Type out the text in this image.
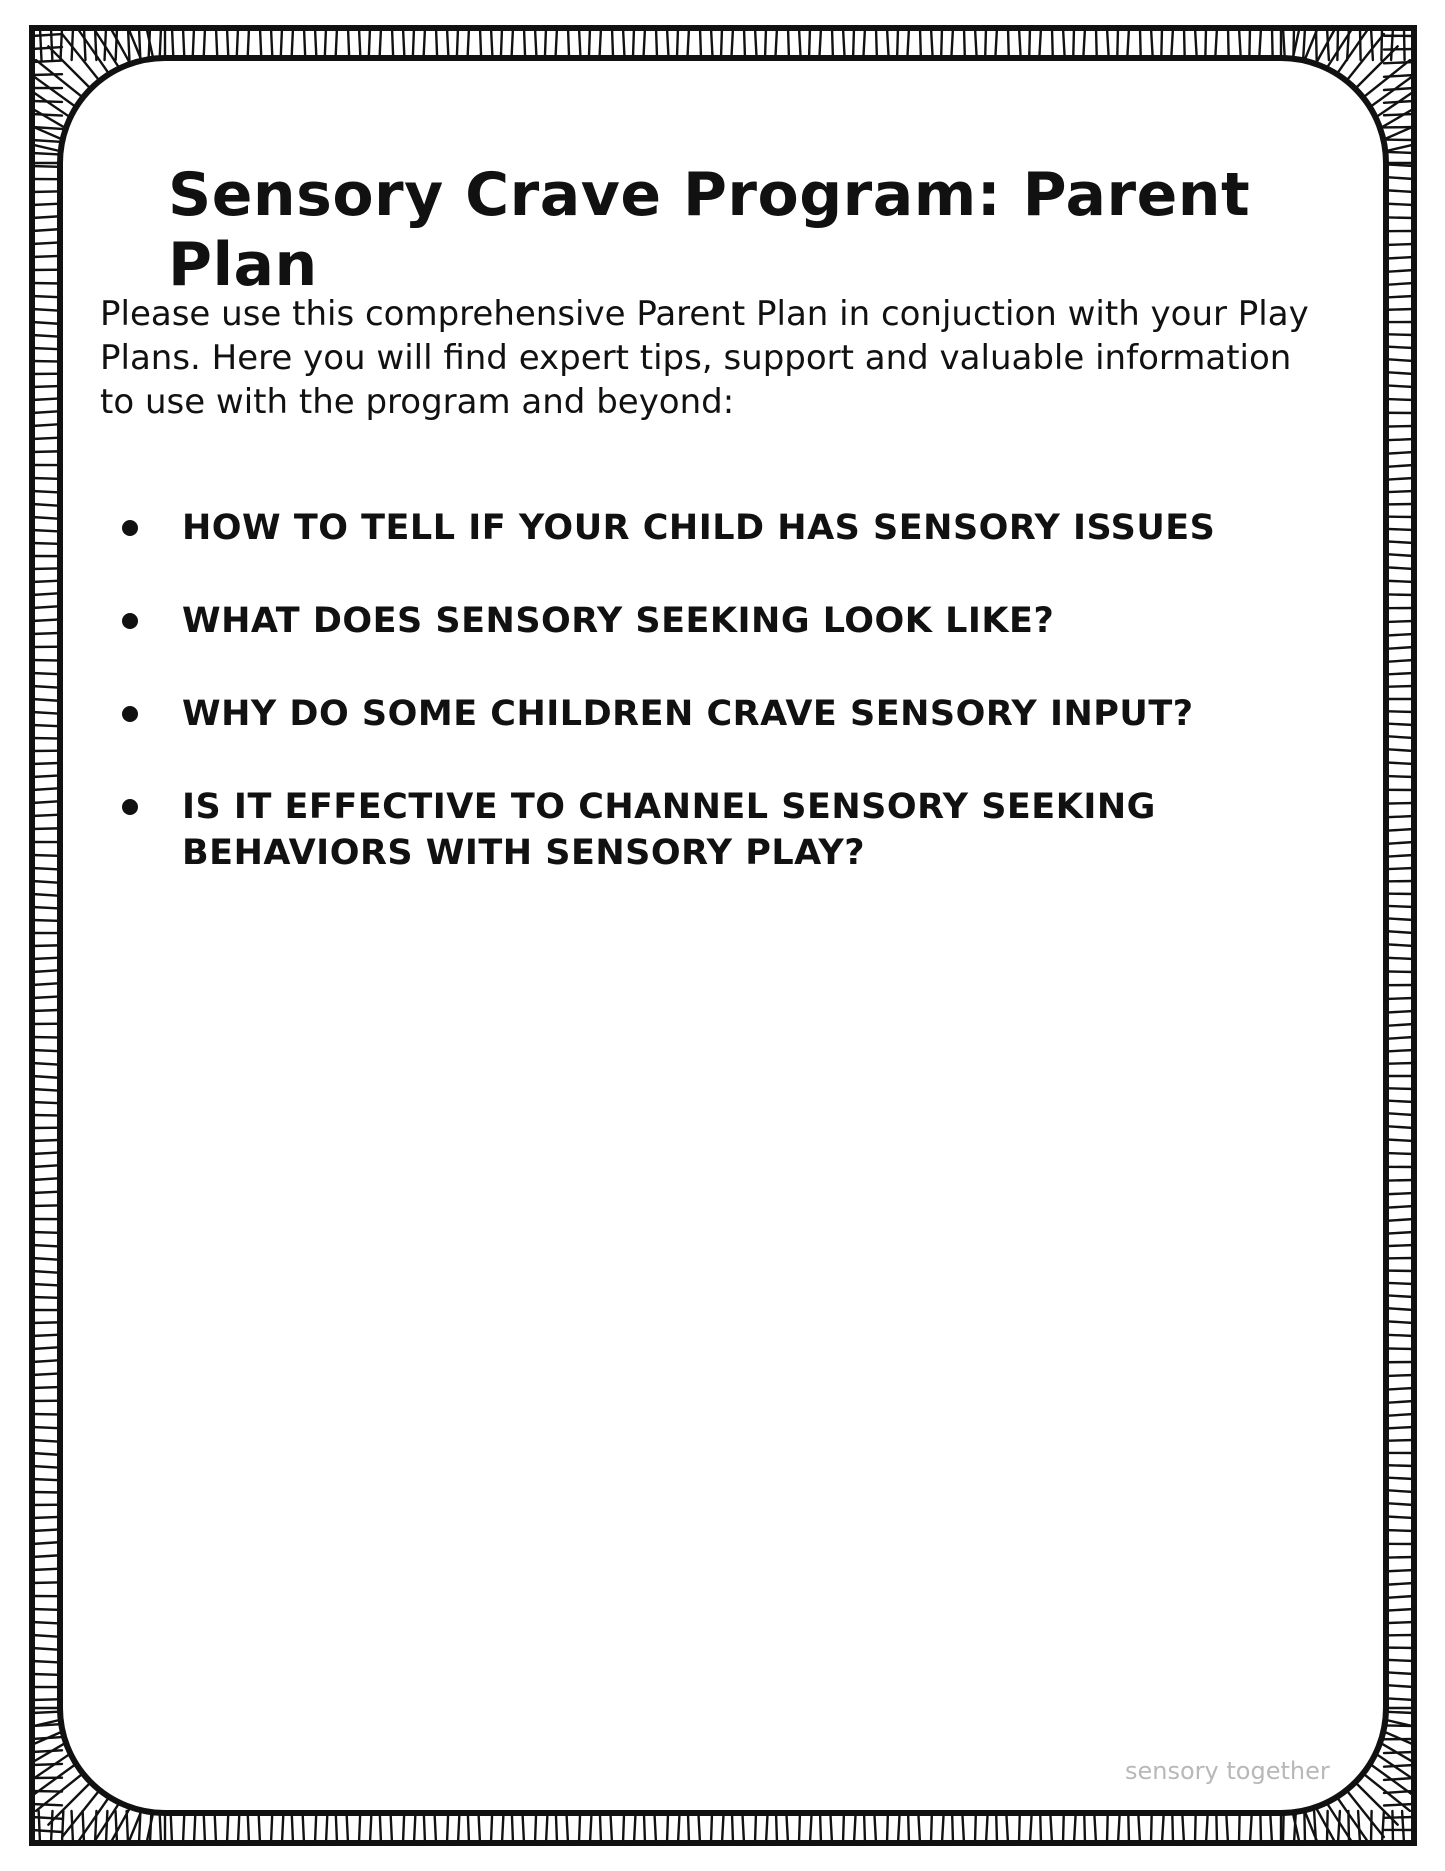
Sensory Crave Program: Parent Plan

Please use this comprehensive Parent Plan in conjuction with your Play Plans. Here you will find expert tips, support and valuable information to use with the program and beyond:

HOW TO TELL IF YOUR CHILD HAS SENSORY ISSUES
WHAT DOES SENSORY SEEKING LOOK LIKE?
WHY DO SOME CHILDREN CRAVE SENSORY INPUT?
IS IT EFFECTIVE TO CHANNEL SENSORY SEEKING BEHAVIORS WITH SENSORY PLAY?
sensory together
